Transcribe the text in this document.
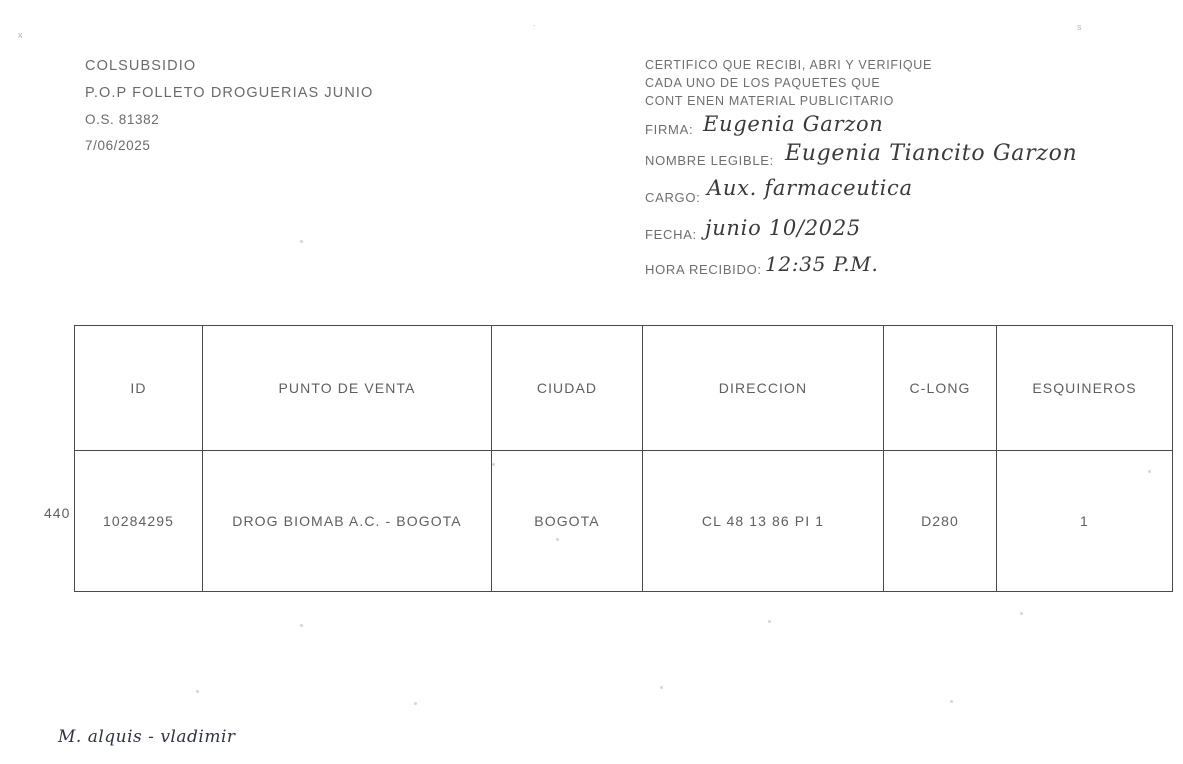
x
.	s
COLSUBSIDIO
P.O.P FOLLETO DROGUERIAS JUNIO
O.S. 81382
7/06/2025
CERTIFICO QUE RECIBI, ABRI Y VERIFIQUE
CADA UNO DE LOS PAQUETES QUE
CONT ENEN MATERIAL PUBLICITARIO
FIRMA: Eugenia Garzon
NOMBRE LEGIBLE: Eugenia Tiancito Garzon
CARGO: Aux. farmaceutica
FECHA: junio 10/2025
HORA RECIBIDO: 12:35 P.M.
440
ID	PUNTO DE VENTA	CIUDAD	DIRECCION	C-LONG	ESQUINEROS
10284295	DROG BIOMAB A.C. - BOGOTA	BOGOTA	CL 48 13 86 PI 1	D280	1
M. alquis - vladimir
